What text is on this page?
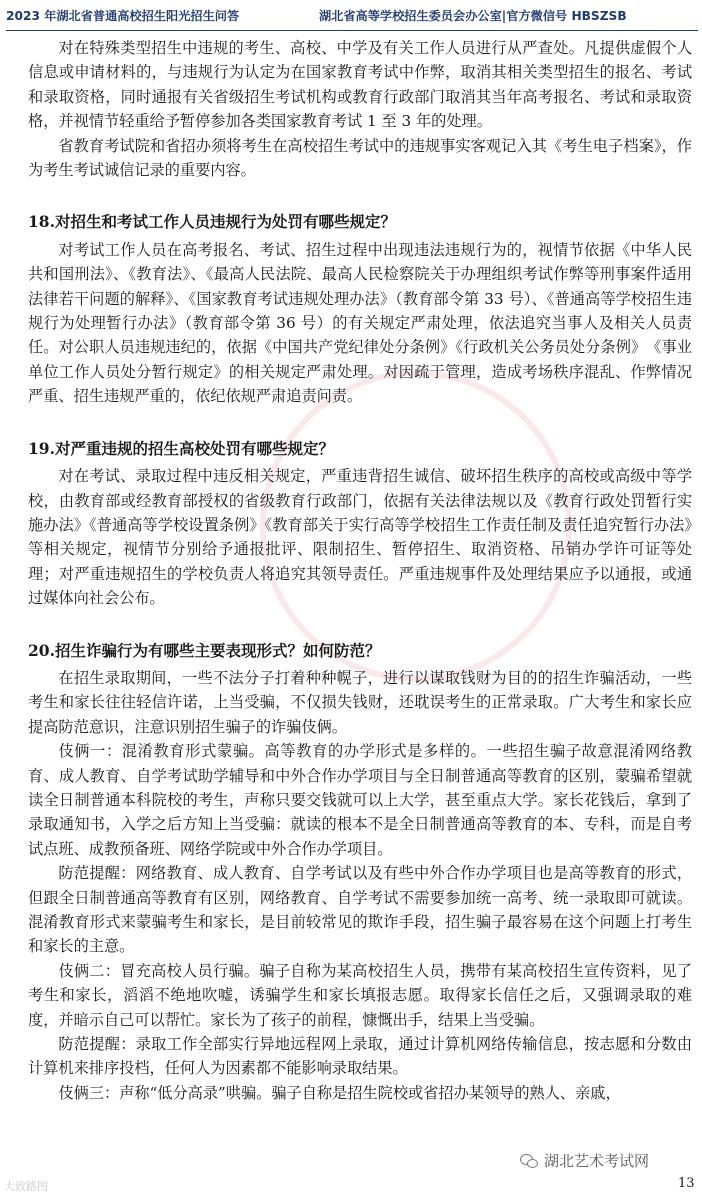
2023 年湖北省普通高校招生阳光招生问答	湖北省高等学校招生委员会办公室|官方微信号 HBSZSB

对在特殊类型招生中违规的考生、高校、中学及有关工作人员进行从严查处。凡提供虚假个人信息或申请材料的，与违规行为认定为在国家教育考试中作弊，取消其相关类型招生的报名、考试和录取资格，同时通报有关省级招生考试机构或教育行政部门取消其当年高考报名、考试和录取资格，并视情节轻重给予暂停参加各类国家教育考试 1 至 3 年的处理。

省教育考试院和省招办须将考生在高校招生考试中的违规事实客观记入其《考生电子档案》，作为考生考试诚信记录的重要内容。

18.对招生和考试工作人员违规行为处罚有哪些规定？

对考试工作人员在高考报名、考试、招生过程中出现违法违规行为的，视情节依据《中华人民共和国刑法》、《教育法》、《最高人民法院、最高人民检察院关于办理组织考试作弊等刑事案件适用法律若干问题的解释》、《国家教育考试违规处理办法》（教育部令第 33 号）、《普通高等学校招生违规行为处理暂行办法》（教育部令第 36 号）的有关规定严肃处理，依法追究当事人及相关人员责任。对公职人员违规违纪的，依据《中国共产党纪律处分条例》《行政机关公务员处分条例》　《事业单位工作人员处分暂行规定》的相关规定严肃处理。对因疏于管理，造成考场秩序混乱、作弊情况严重、招生违规严重的，依纪依规严肃追责问责。

19.对严重违规的招生高校处罚有哪些规定？

对在考试、录取过程中违反相关规定，严重违背招生诚信、破坏招生秩序的高校或高级中等学校，由教育部或经教育部授权的省级教育行政部门，依据有关法律法规以及《教育行政处罚暂行实施办法》《普通高等学校设置条例》《教育部关于实行高等学校招生工作责任制及责任追究暂行办法》等相关规定，视情节分别给予通报批评、限制招生、暂停招生、取消资格、吊销办学许可证等处理；对严重违规招生的学校负责人将追究其领导责任。严重违规事件及处理结果应予以通报，或通过媒体向社会公布。

20.招生诈骗行为有哪些主要表现形式？如何防范？

在招生录取期间，一些不法分子打着种种幌子，进行以谋取钱财为目的的招生诈骗活动，一些考生和家长往往轻信许诺，上当受骗，不仅损失钱财，还耽误考生的正常录取。广大考生和家长应提高防范意识，注意识别招生骗子的诈骗伎俩。

伎俩一：混淆教育形式蒙骗。高等教育的办学形式是多样的。一些招生骗子故意混淆网络教育、成人教育、自学考试助学辅导和中外合作办学项目与全日制普通高等教育的区别，蒙骗希望就读全日制普通本科院校的考生，声称只要交钱就可以上大学，甚至重点大学。家长花钱后，拿到了录取通知书，入学之后方知上当受骗：就读的根本不是全日制普通高等教育的本、专科，而是自考试点班、成教预备班、网络学院或中外合作办学项目。

防范提醒：网络教育、成人教育、自学考试以及有些中外合作办学项目也是高等教育的形式，但跟全日制普通高等教育有区别，网络教育、自学考试不需要参加统一高考、统一录取即可就读。混淆教育形式来蒙骗考生和家长，是目前较常见的欺诈手段，招生骗子最容易在这个问题上打考生和家长的主意。

伎俩二：冒充高校人员行骗。骗子自称为某高校招生人员，携带有某高校招生宣传资料，见了考生和家长，滔滔不绝地吹嘘，诱骗学生和家长填报志愿。取得家长信任之后，又强调录取的难度，并暗示自己可以帮忙。家长为了孩子的前程，慷慨出手，结果上当受骗。

防范提醒：录取工作全部实行异地远程网上录取，通过计算机网络传输信息，按志愿和分数由计算机来排序投档，任何人为因素都不能影响录取结果。

伎俩三：声称“低分高录”哄骗。骗子自称是招生院校或省招办某领导的熟人、亲戚，

大致路图
湖北艺术考试网
13
